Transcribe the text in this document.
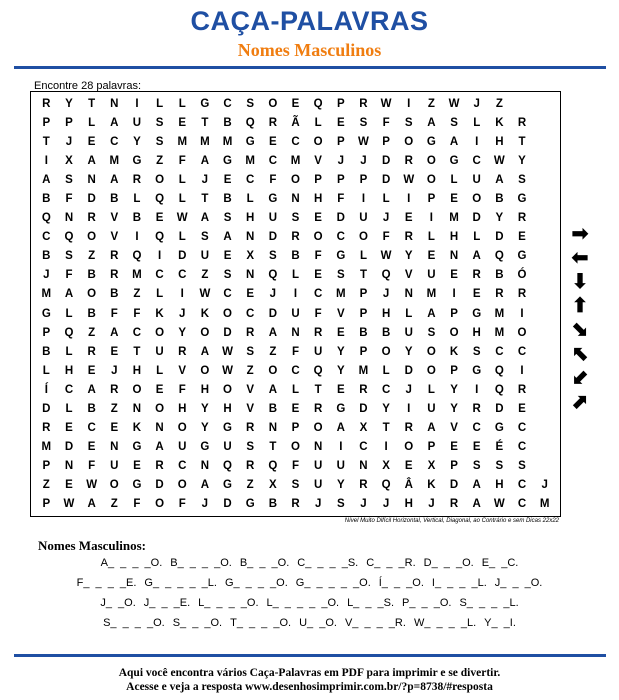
CAÇA-PALAVRAS
Nomes Masculinos
Encontre 28 palavras:
R	Y	T	N	I	L	L	G	C	S	O	E	Q	P	R	W	I	Z	W	J	Z
P	P	L	A	U	S	E	T	B	Q	R	Ã	L	E	S	F	S	A	S	L	K	R
T	J	E	C	Y	S	M	M	M	G	E	C	O	P	W	P	O	G	A	I	H	T
I	X	A	M	G	Z	F	A	G	M	C	M	V	J	J	D	R	O	G	C	W	Y
A	S	N	A	R	O	L	J	E	C	F	O	P	P	P	D	W	O	L	U	A	S
B	F	D	B	L	Q	L	T	B	L	G	N	H	F	I	L	I	P	E	O	B	G
Q	N	R	V	B	E	W	A	S	H	U	S	E	D	U	J	E	I	M	D	Y	R
C	Q	O	V	I	Q	L	S	A	N	D	R	O	C	O	F	R	L	H	L	D	E
B	S	Z	R	Q	I	D	U	E	X	S	B	F	G	L	W	Y	E	N	A	Q	G
J	F	B	R	M	C	C	Z	S	N	Q	L	E	S	T	Q	V	U	E	R	B	Ó
M	A	O	B	Z	L	I	W	C	E	J	I	C	M	P	J	N	M	I	E	R	R
G	L	B	F	F	K	J	K	O	C	D	U	F	V	P	H	L	A	P	G	M	I
P	Q	Z	A	C	O	Y	O	D	R	A	N	R	E	B	B	U	S	O	H	M	O
B	L	R	E	T	U	R	A	W	S	Z	F	U	Y	P	O	Y	O	K	S	C	C
L	H	E	J	H	L	V	O	W	Z	O	C	Q	Y	M	L	D	O	P	G	Q	I
Í	C	A	R	O	E	F	H	O	V	A	L	T	E	R	C	J	L	Y	I	Q	R
D	L	B	Z	N	O	H	Y	H	V	B	E	R	G	D	Y	I	U	Y	R	D	E
R	E	C	E	K	N	O	Y	G	R	N	P	O	A	X	T	R	A	V	C	G	C
M	D	E	N	G	A	U	G	U	S	T	O	N	I	C	I	O	P	E	E	É	C
P	N	F	U	E	R	C	N	Q	R	Q	F	U	U	N	X	E	X	P	S	S	S
Z	E	W	O	G	D	O	A	G	Z	X	S	U	Y	R	Q	Â	K	D	A	H	C	J
P	W	A	Z	F	O	F	J	D	G	B	R	J	S	J	J	H	J	R	A	W	C	M
Nível Muito Difícil Horizontal, Vertical, Diagonal, ao Contrário e sem Dicas 22x22
➡
⬅
⬇
⬆
⬊
⬉
⬋
⬈
Nomes Masculinos:
A_ _ _ _O. B_ _ _ _O. B_ _ _O. C_ _ _ _S. C_ _ _R. D_ _ _O. E_ _C.
F_ _ _ _E. G_ _ _ _ _L. G_ _ _ _O. G_ _ _ _ _O. Í_ _ _O. I_ _ _ _L. J_ _ _O.
J_ _O. J_ _ _E. L_ _ _ _O. L_ _ _ _ _O. L_ _ _S. P_ _ _O. S_ _ _ _L.
S_ _ _ _O. S_ _ _O. T_ _ _ _O. U_ _O. V_ _ _ _R. W_ _ _ _L. Y_ _I.
Aqui você encontra vários Caça-Palavras em PDF para imprimir e se divertir.
Acesse e veja a resposta www.desenhosimprimir.com.br/?p=8738/#resposta
